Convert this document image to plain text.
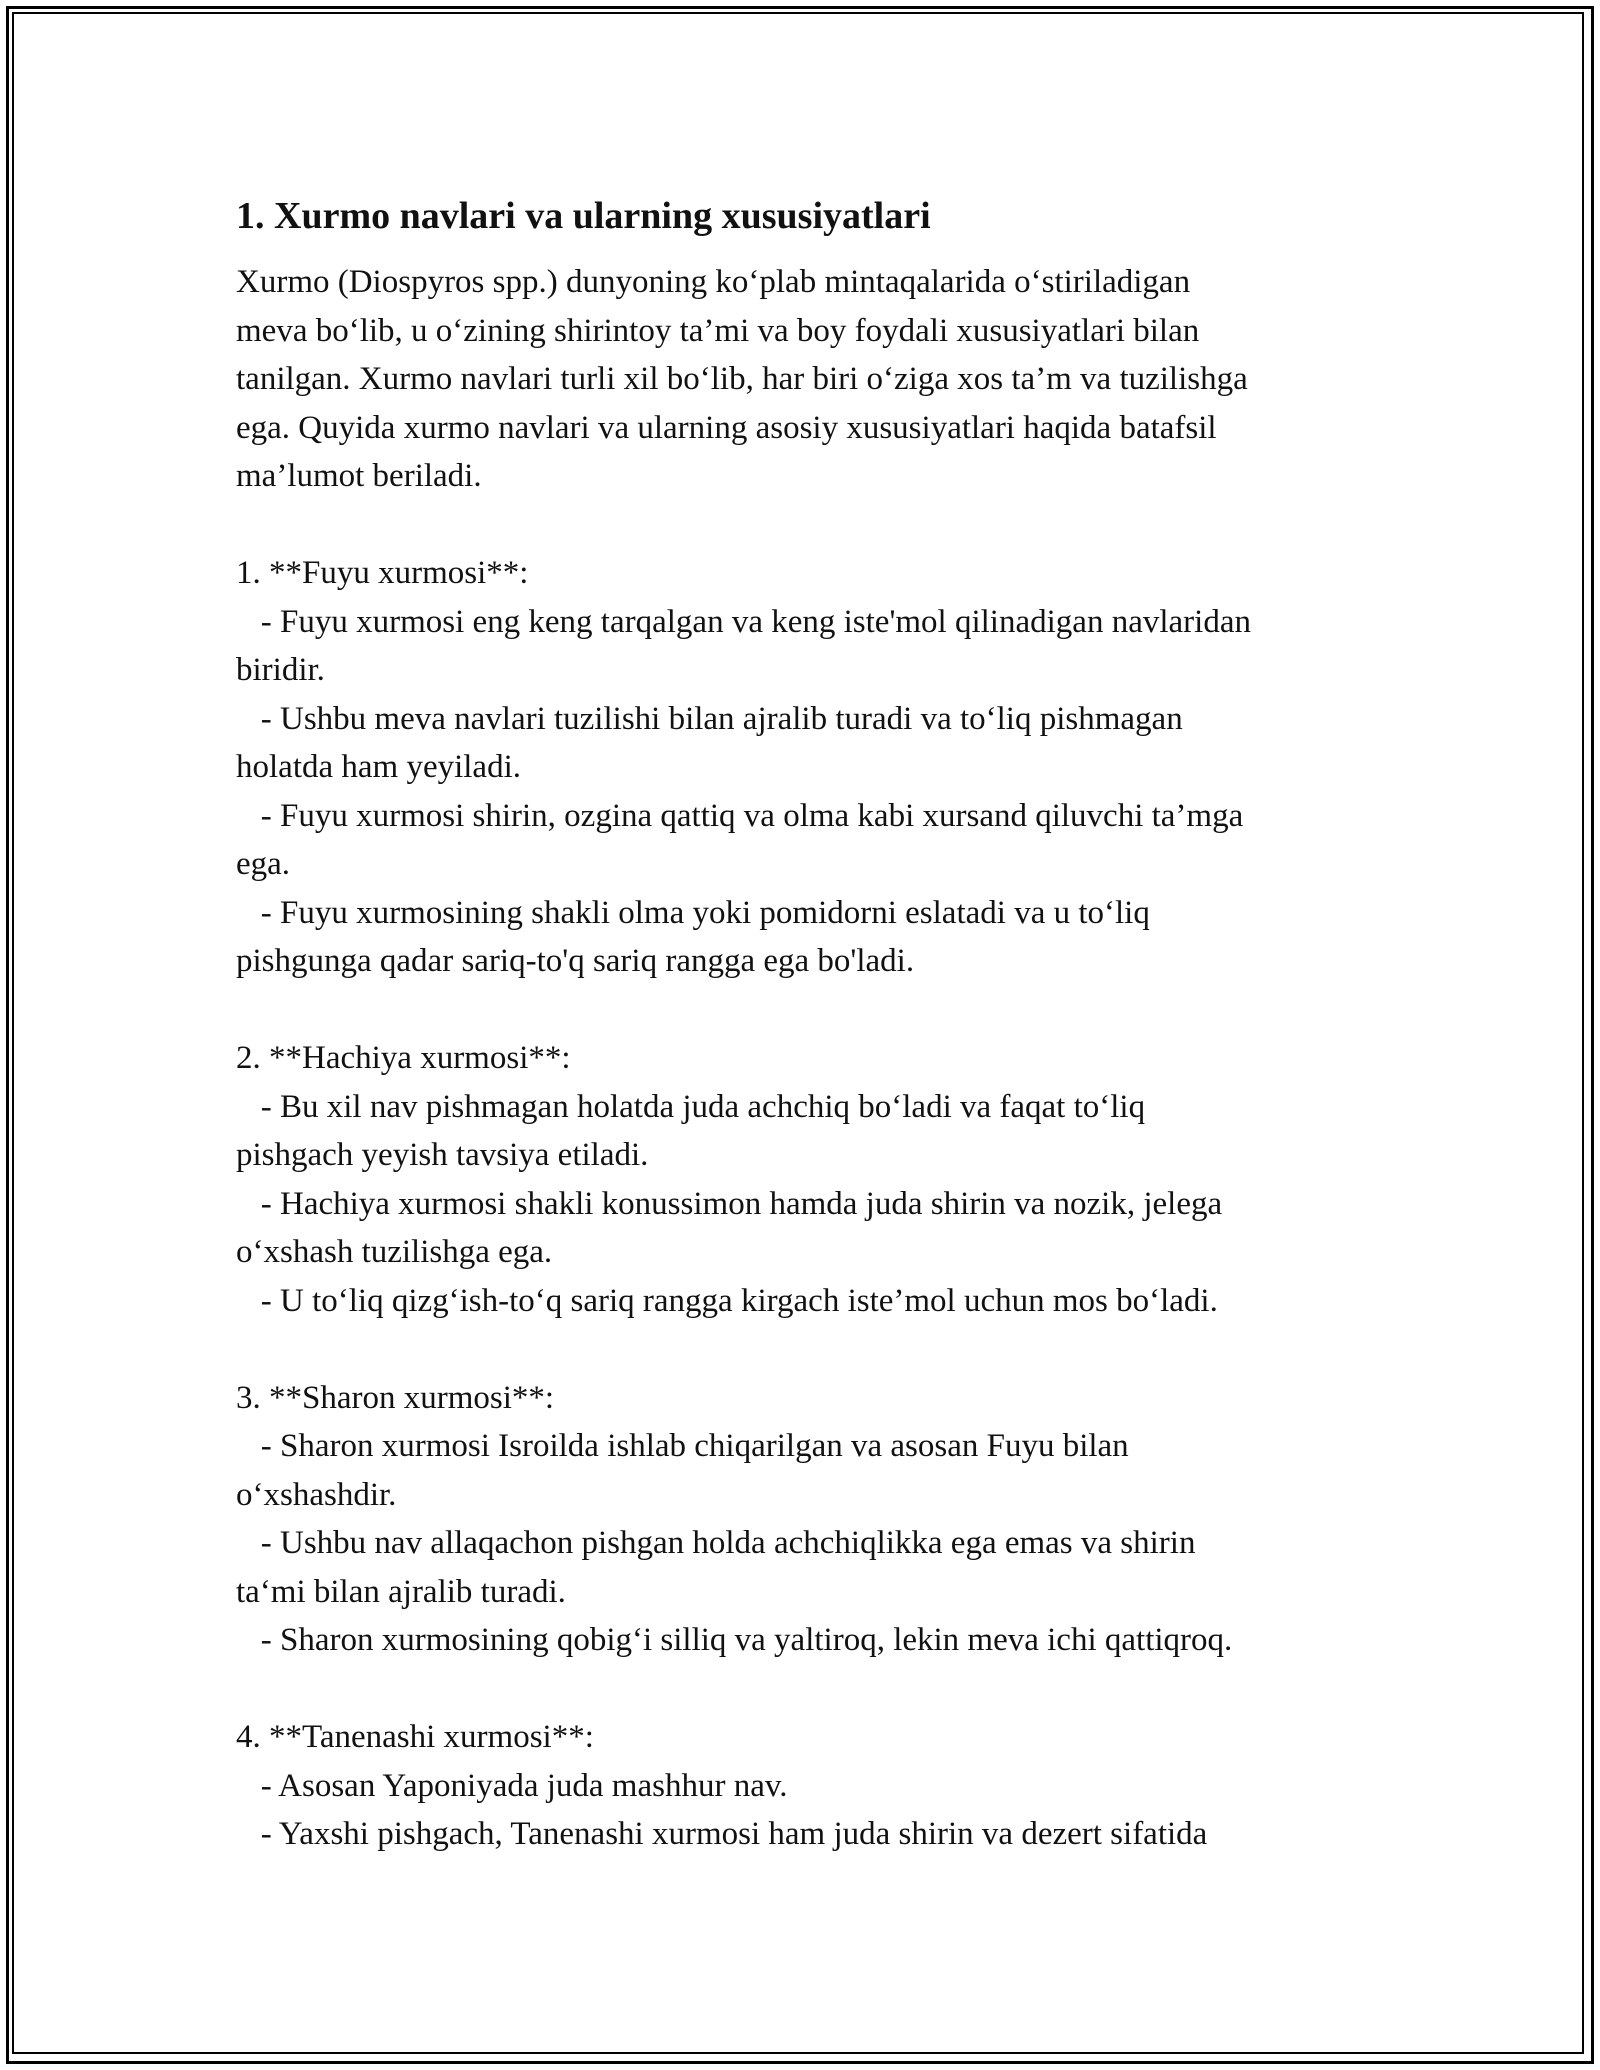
1. Xurmo navlari va ularning xususiyatlari
Xurmo (Diospyros spp.) dunyoning ko‘plab mintaqalarida o‘stiriladigan
meva bo‘lib, u o‘zining shirintoy ta’mi va boy foydali xususiyatlari bilan
tanilgan. Xurmo navlari turli xil bo‘lib, har biri o‘ziga xos ta’m va tuzilishga
ega. Quyida xurmo navlari va ularning asosiy xususiyatlari haqida batafsil
ma’lumot beriladi.

1. **Fuyu xurmosi**:
- Fuyu xurmosi eng keng tarqalgan va keng iste'mol qilinadigan navlaridan
biridir.
- Ushbu meva navlari tuzilishi bilan ajralib turadi va to‘liq pishmagan
holatda ham yeyiladi.
- Fuyu xurmosi shirin, ozgina qattiq va olma kabi xursand qiluvchi ta’mga
ega.
- Fuyu xurmosining shakli olma yoki pomidorni eslatadi va u to‘liq
pishgunga qadar sariq-to'q sariq rangga ega bo'ladi.

2. **Hachiya xurmosi**:
- Bu xil nav pishmagan holatda juda achchiq bo‘ladi va faqat to‘liq
pishgach yeyish tavsiya etiladi.
- Hachiya xurmosi shakli konussimon hamda juda shirin va nozik, jelega
o‘xshash tuzilishga ega.
- U to‘liq qizg‘ish-to‘q sariq rangga kirgach iste’mol uchun mos bo‘ladi.

3. **Sharon xurmosi**:
- Sharon xurmosi Isroilda ishlab chiqarilgan va asosan Fuyu bilan
o‘xshashdir.
- Ushbu nav allaqachon pishgan holda achchiqlikka ega emas va shirin
ta‘mi bilan ajralib turadi.
- Sharon xurmosining qobig‘i silliq va yaltiroq, lekin meva ichi qattiqroq.

4. **Tanenashi xurmosi**:
- Asosan Yaponiyada juda mashhur nav.
- Yaxshi pishgach, Tanenashi xurmosi ham juda shirin va dezert sifatida
